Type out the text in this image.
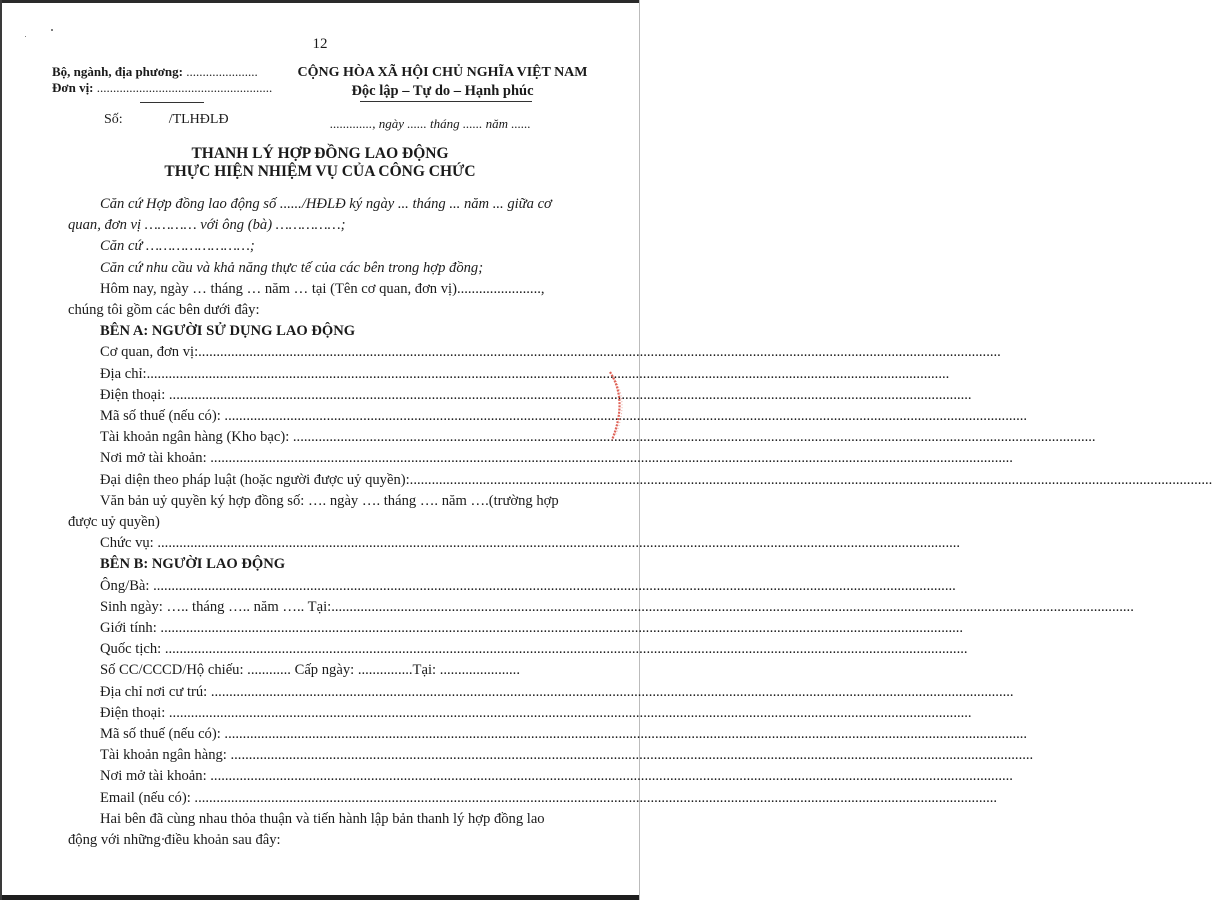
12
Bộ, ngành, địa phương: ......................
Đơn vị: ......................................................
Số:	/TLHĐLĐ
CỘNG HÒA XÃ HỘI CHỦ NGHĨA VIỆT NAM
Độc lập – Tự do – Hạnh phúc
............., ngày ...... tháng ...... năm ......
THANH LÝ HỢP ĐỒNG LAO ĐỘNG
THỰC HIỆN NHIỆM VỤ CỦA CÔNG CHỨC

Căn cứ Hợp đồng lao động số ....../HĐLĐ ký ngày ... tháng ... năm ... giữa cơ quan, đơn vị ………… với ông (bà) ……………;

Căn cứ ……………………;

Căn cứ nhu cầu và khả năng thực tế của các bên trong hợp đồng;

Hôm nay, ngày … tháng … năm … tại (Tên cơ quan, đơn vị)......................., chúng tôi gồm các bên dưới đây:

BÊN A: NGƯỜI SỬ DỤNG LAO ĐỘNG

Cơ quan, đơn vị:............................................................................................................................................................................................................................
Địa chỉ:............................................................................................................................................................................................................................
Điện thoại: ............................................................................................................................................................................................................................
Mã số thuế (nếu có): ............................................................................................................................................................................................................................
Tài khoản ngân hàng (Kho bạc): ............................................................................................................................................................................................................................
Nơi mở tài khoản: ............................................................................................................................................................................................................................
Đại diện theo pháp luật (hoặc người được uỷ quyền):............................................................................................................................................................................................................................

Văn bản uỷ quyền ký hợp đồng số: …. ngày …. tháng …. năm ….(trường hợp được uỷ quyền)

Chức vụ: ............................................................................................................................................................................................................................

BÊN B: NGƯỜI LAO ĐỘNG

Ông/Bà: ............................................................................................................................................................................................................................
Sinh ngày: ….. tháng ….. năm ….. Tại:............................................................................................................................................................................................................................
Giới tính: ............................................................................................................................................................................................................................
Quốc tịch: ............................................................................................................................................................................................................................
Số CC/CCCD/Hộ chiếu: ............ Cấp ngày: ...............Tại: ......................
Địa chỉ nơi cư trú: ............................................................................................................................................................................................................................
Điện thoại: ............................................................................................................................................................................................................................
Mã số thuế (nếu có): ............................................................................................................................................................................................................................
Tài khoản ngân hàng: ............................................................................................................................................................................................................................
Nơi mở tài khoản: ............................................................................................................................................................................................................................
Email (nếu có): ............................................................................................................................................................................................................................

Hai bên đã cùng nhau thỏa thuận và tiến hành lập bản thanh lý hợp đồng lao động với những điều khoản sau đây:
